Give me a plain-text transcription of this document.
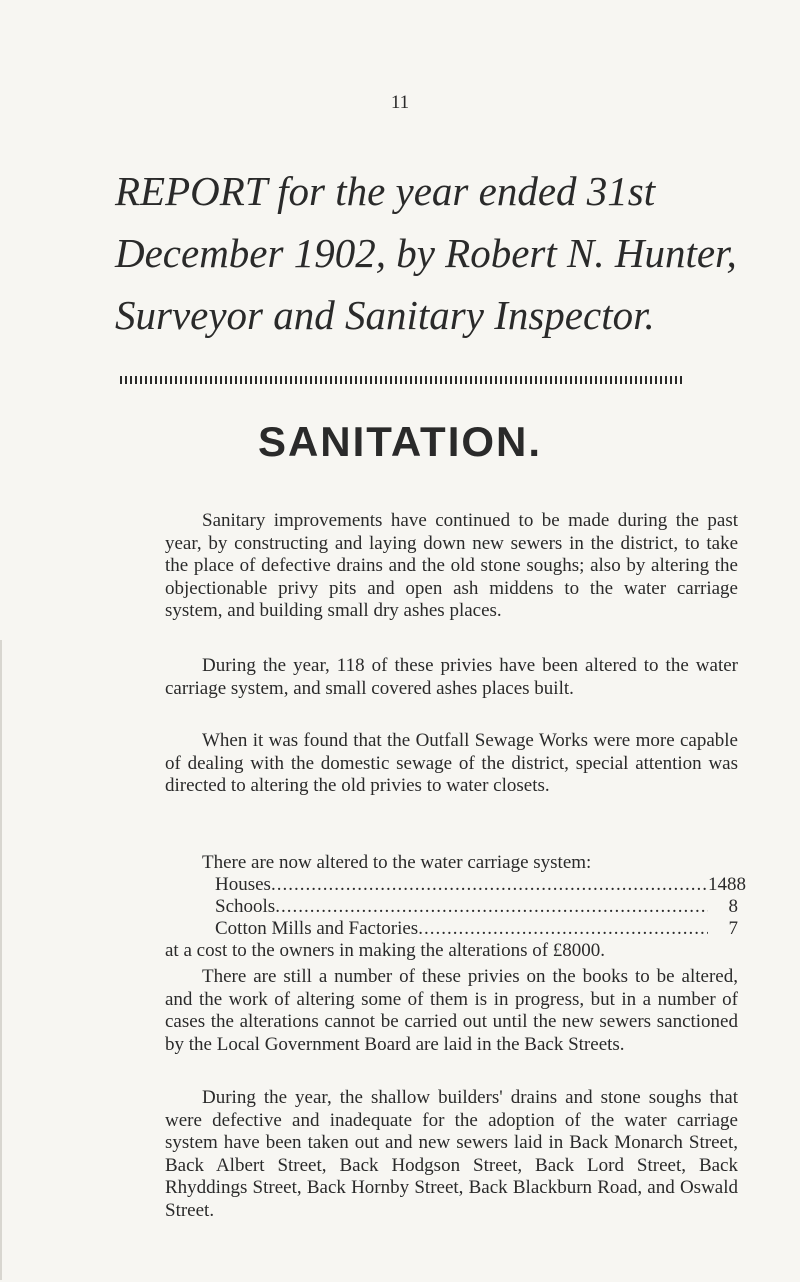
11
REPORT for the year ended 31st
December 1902, by Robert N. Hunter,
Surveyor and Sanitary Inspector.
SANITATION.

Sanitary improvements have continued to be made during the past year, by constructing and laying down new sewers in the district, to take the place of defective drains and the old stone soughs; also by altering the objectionable privy pits and open ash middens to the water carriage system, and building small dry ashes places.

During the year, 118 of these privies have been altered to the water carriage system, and small covered ashes places built.

When it was found that the Outfall Sewage Works were more capable of dealing with the domestic sewage of the district, special attention was directed to altering the old privies to water closets.

There are now altered to the water carriage system:
Houses .....	1488
Schools .....	8
Cotton Mills and Factories .....	7
at a cost to the owners in making the alterations of £8000.

There are still a number of these privies on the books to be altered, and the work of altering some of them is in progress, but in a number of cases the alterations cannot be carried out until the new sewers sanctioned by the Local Government Board are laid in the Back Streets.

During the year, the shallow builders' drains and stone soughs that were defective and inadequate for the adoption of the water carriage system have been taken out and new sewers laid in Back Monarch Street, Back Albert Street, Back Hodgson Street, Back Lord Street, Back Rhyddings Street, Back Hornby Street, Back Blackburn Road, and Oswald Street.
